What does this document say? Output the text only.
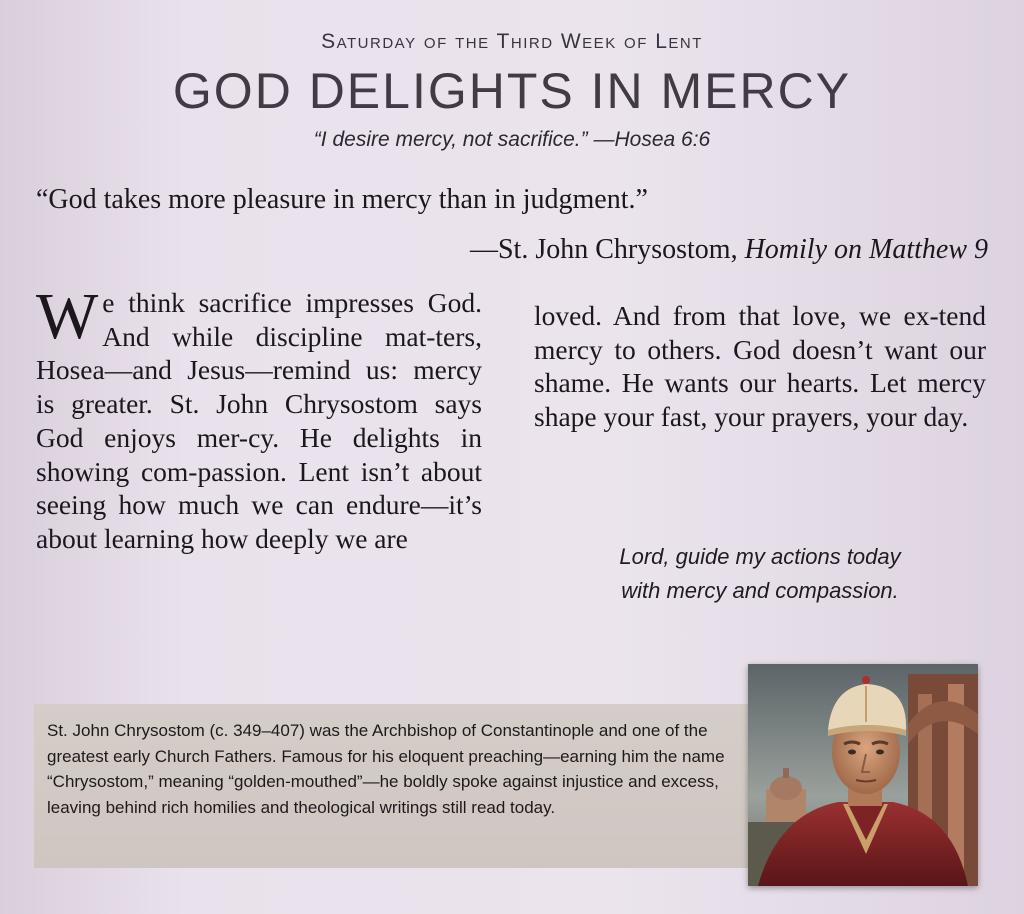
Saturday of the Third Week of Lent
GOD DELIGHTS IN MERCY
“I desire mercy, not sacrifice.” —Hosea 6:6
“God takes more pleasure in mercy than in judgment.”
—St. John Chrysostom, Homily on Matthew 9
We think sacrifice impresses God. And while discipline mat-ters, Hosea—and Jesus—remind us: mercy is greater. St. John Chrysostom says God enjoys mer-cy. He delights in showing com-passion. Lent isn’t about seeing how much we can endure—it’s about learning how deeply we are
loved. And from that love, we ex-tend mercy to others. God doesn’t want our shame. He wants our hearts. Let mercy shape your fast, your prayers, your day.
Lord, guide my actions today
with mercy and compassion.
St. John Chrysostom (c. 349–407) was the Archbishop of Constantinople and one of the greatest early Church Fathers. Famous for his eloquent preaching—earning him the name “Chrysostom,” meaning “golden-mouthed”—he boldly spoke against injustice and excess, leaving behind rich homilies and theological writings still read today.
